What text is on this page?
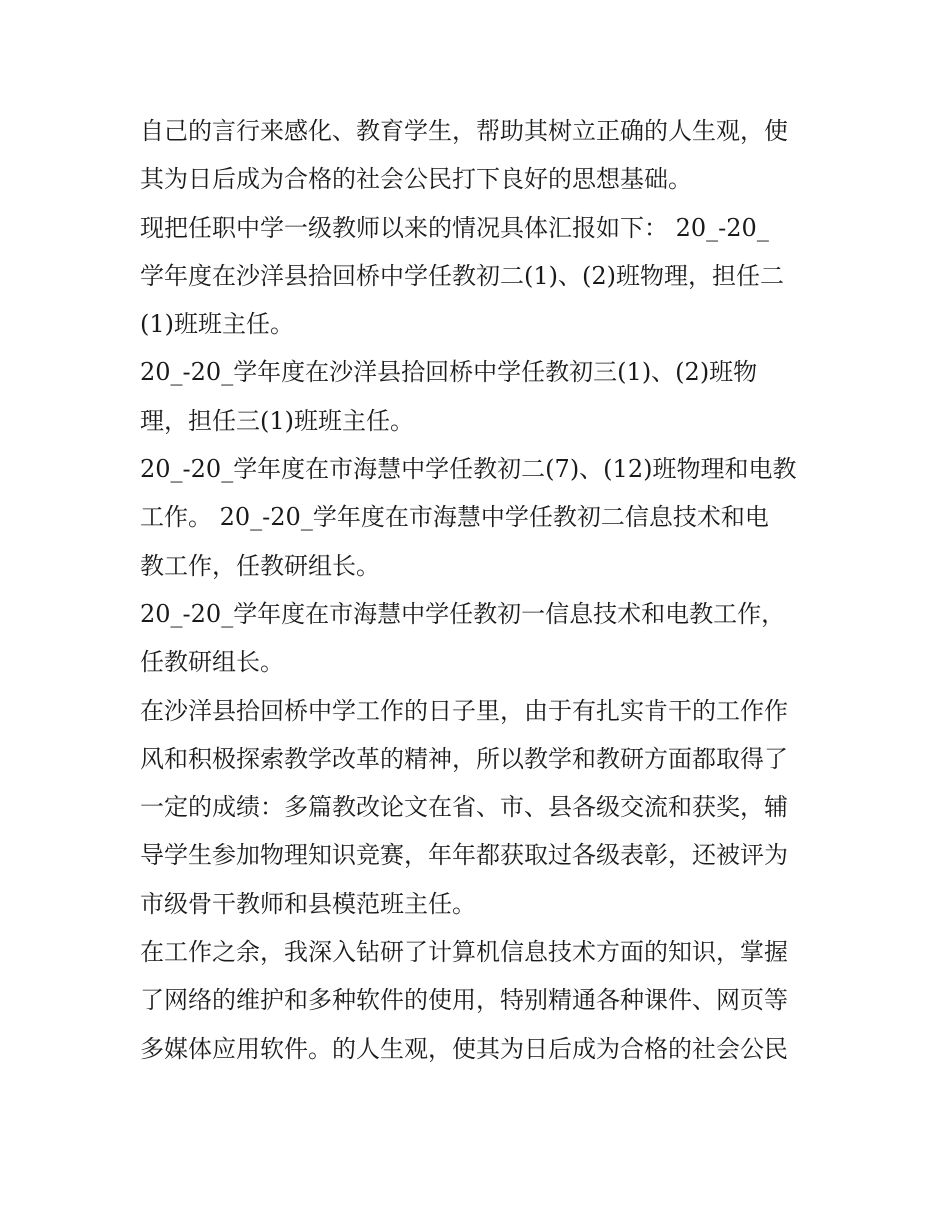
自己的言行来感化、教育学生，帮助其树立正确的人生观，使
其为日后成为合格的社会公民打下良好的思想基础。
现把任职中学一级教师以来的情况具体汇报如下： 20_-20_
学年度在沙洋县拾回桥中学任教初二(1)、(2)班物理，担任二
(1)班班主任。
20_-20_学年度在沙洋县拾回桥中学任教初三(1)、(2)班物
理，担任三(1)班班主任。
20_-20_学年度在市海慧中学任教初二(7)、(12)班物理和电教
工作。 20_-20_学年度在市海慧中学任教初二信息技术和电
教工作，任教研组长。
20_-20_学年度在市海慧中学任教初一信息技术和电教工作，
任教研组长。
在沙洋县拾回桥中学工作的日子里，由于有扎实肯干的工作作
风和积极探索教学改革的精神，所以教学和教研方面都取得了
一定的成绩：多篇教改论文在省、市、县各级交流和获奖，辅
导学生参加物理知识竞赛，年年都获取过各级表彰，还被评为
市级骨干教师和县模范班主任。
在工作之余，我深入钻研了计算机信息技术方面的知识，掌握
了网络的维护和多种软件的使用，特别精通各种课件、网页等
多媒体应用软件。的人生观，使其为日后成为合格的社会公民
